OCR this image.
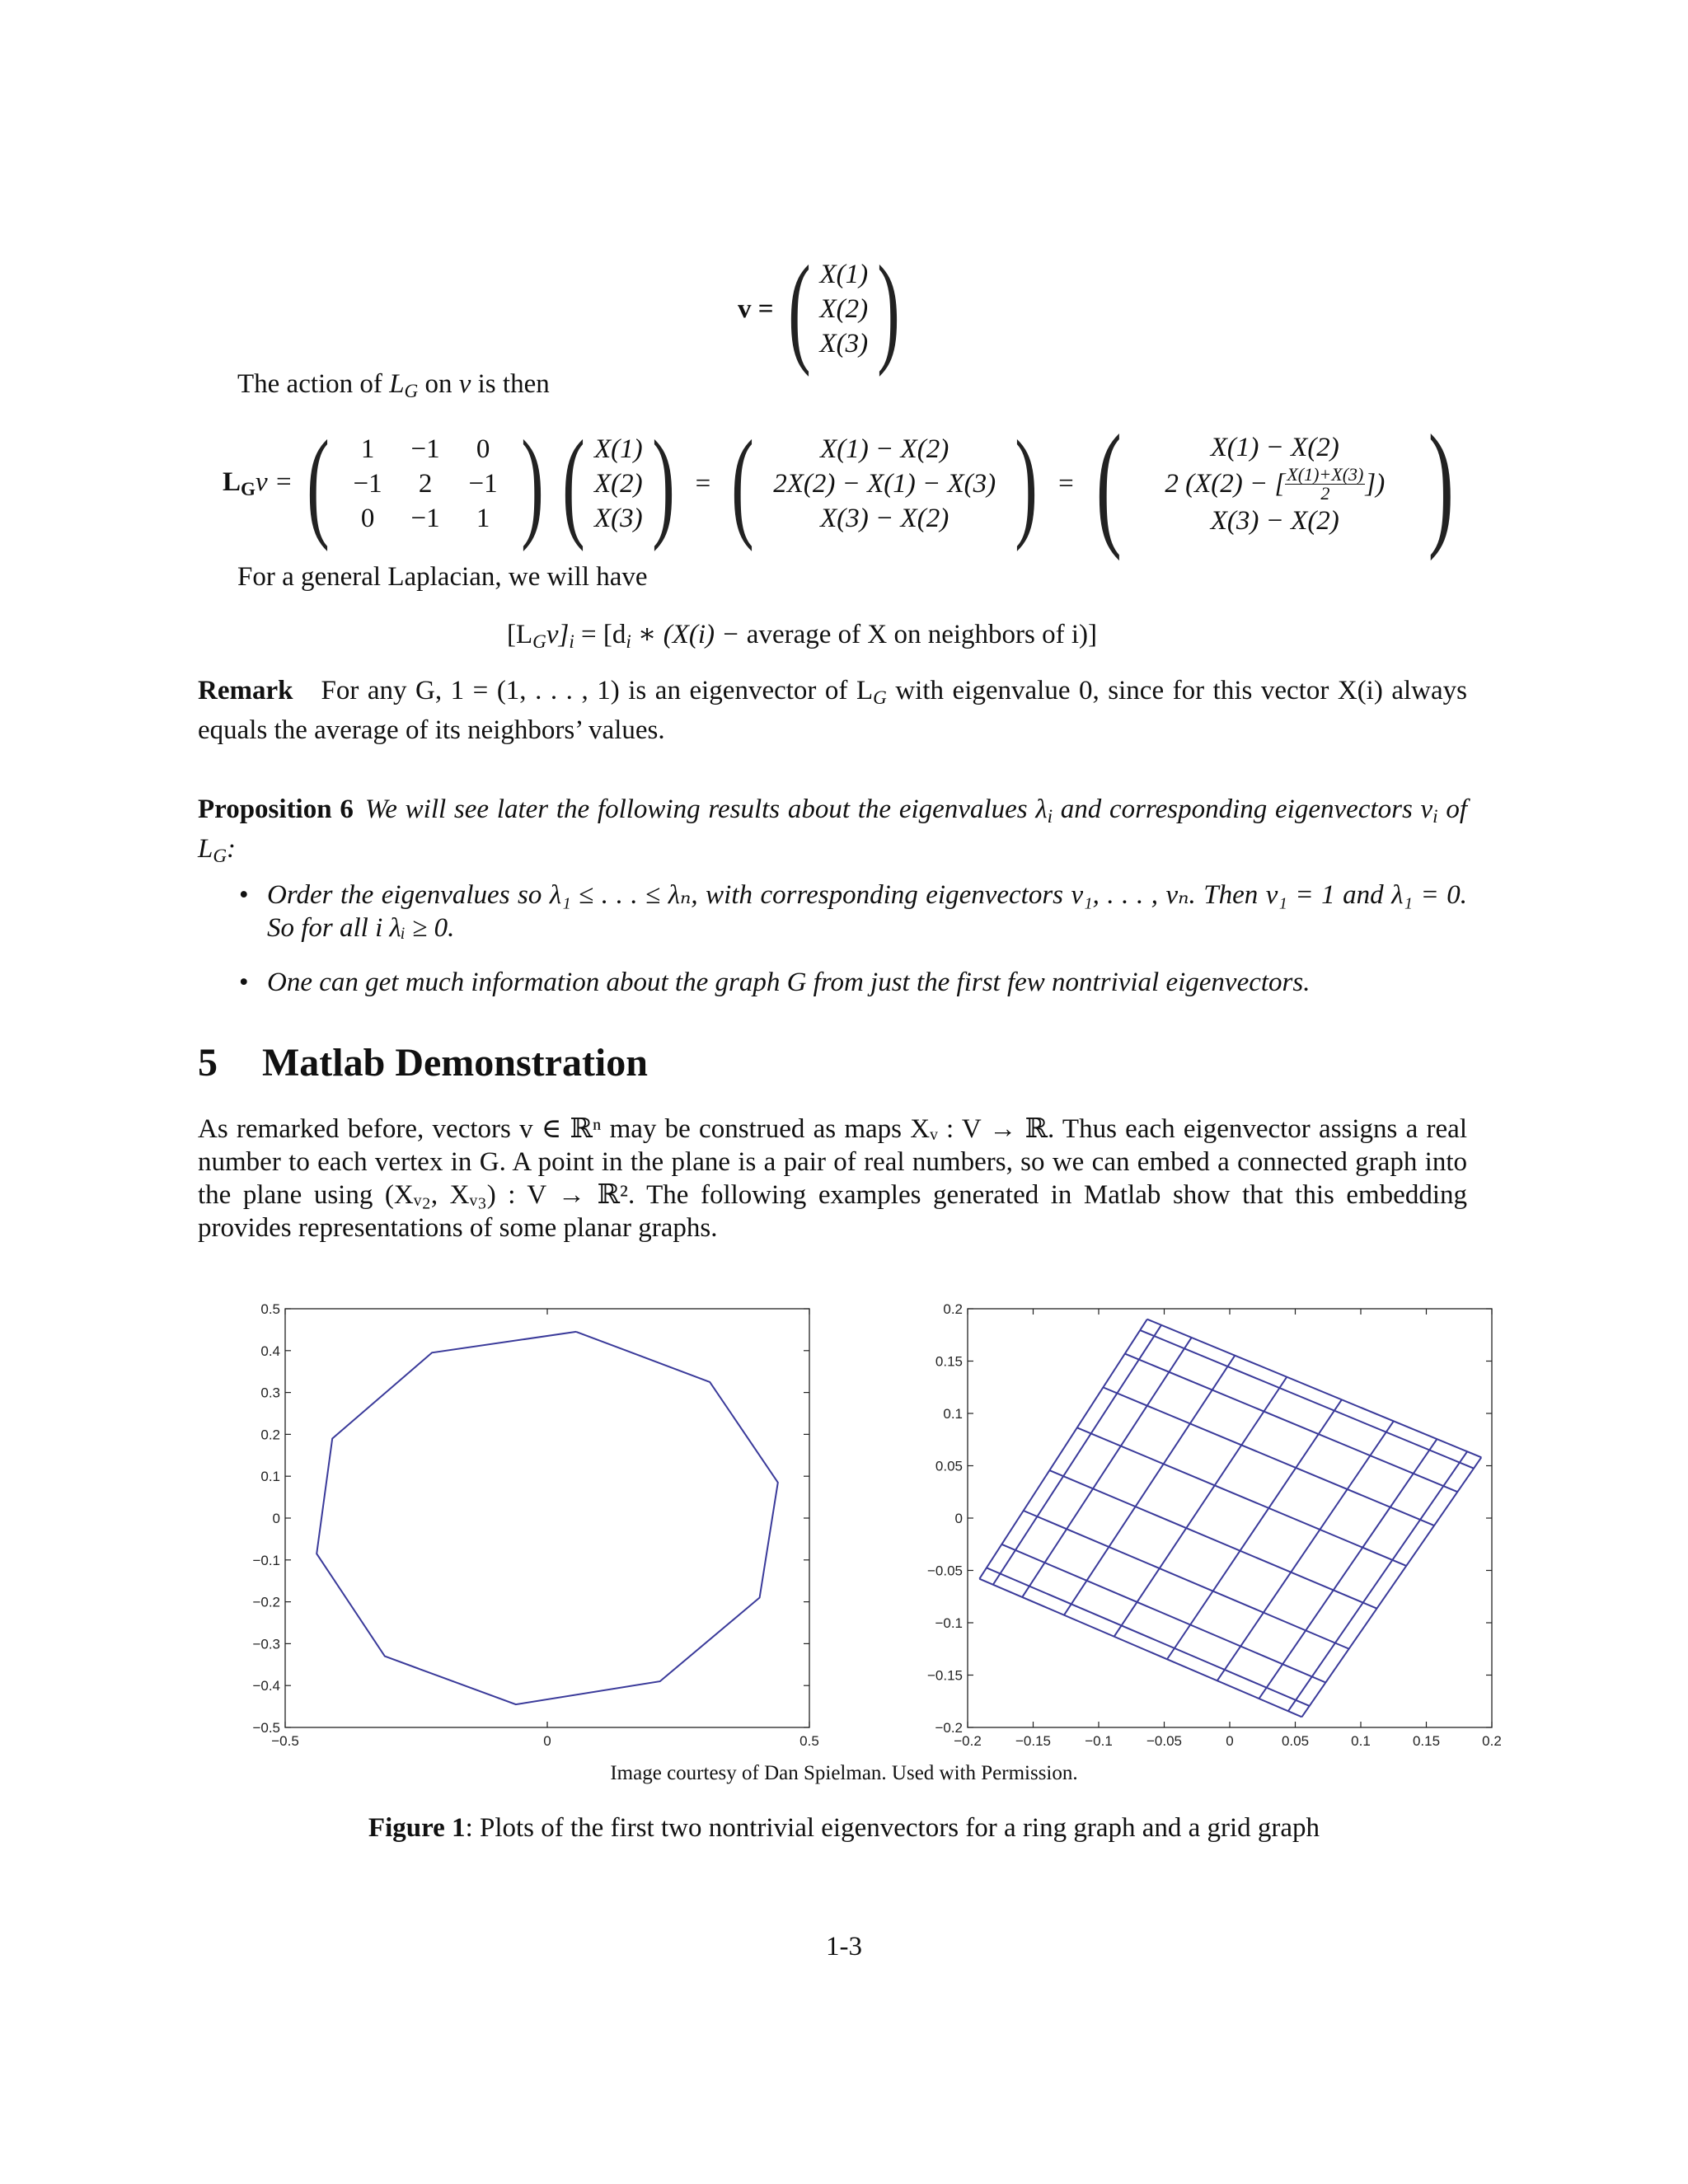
v = ( X(1)
X(2)
X(3) )
The action of $L_G$ on v is then
$L_Gv$ = (	1	−1	0
−1	2	−1
0	−1	1 ) ( X(1)
X(2)
X(3) ) = (	X(1) − X(2)
2X(2) − X(1) − X(3)
X(3) − X(2) ) = (	X(1) − X(2)
2 (X(2) − [ $\frac{X(1)+X(3)}{2}$ ])
X(3) − X(2) )
For a general Laplacian, we will have
$[L_Gv]_i = [d_i$ ∗ (X(i) − average of X on neighbors of i)]
Remark For any G, 1 = (1, . . . , 1) is an eigenvector of $L_G$ with eigenvalue 0, since for this vector X(i) always equals the average of its neighbors’ values.
Proposition 6 We will see later the following results about the eigenvalues $\lambda_i$ and corresponding eigenvectors $v_i$ of $L_G$:
• Order the eigenvalues so λ₁ ≤ . . . ≤ λₙ, with corresponding eigenvectors v₁, . . . , vₙ. Then v₁ = 1 and λ₁ = 0. So for all i λᵢ ≥ 0.
• One can get much information about the graph G from just the first few nontrivial eigenvectors.
5 Matlab Demonstration
As remarked before, vectors v ∈ ℝⁿ may be construed as maps Xᵥ : V → ℝ. Thus each eigenvector assigns a real number to each vertex in G. A point in the plane is a pair of real numbers, so we can embed a connected graph into the plane using (Xᵥ₂, Xᵥ₃) : V → ℝ². The following examples generated in Matlab show that this embedding provides representations of some planar graphs.
−0.5	0	0.5
0.5
0.4
0.3
0.2
0.1
0
−0.1
−0.2
−0.3
−0.4
−0.5
−0.2 −0.15 −0.1 −0.05	0	0.05	0.1	0.15	0.2
0.2
0.15
0.1
0.05
0
−0.05
−0.1
−0.15
−0.2
Image courtesy of Dan Spielman. Used with Permission.
Figure 1: Plots of the first two nontrivial eigenvectors for a ring graph and a grid graph
1-3
